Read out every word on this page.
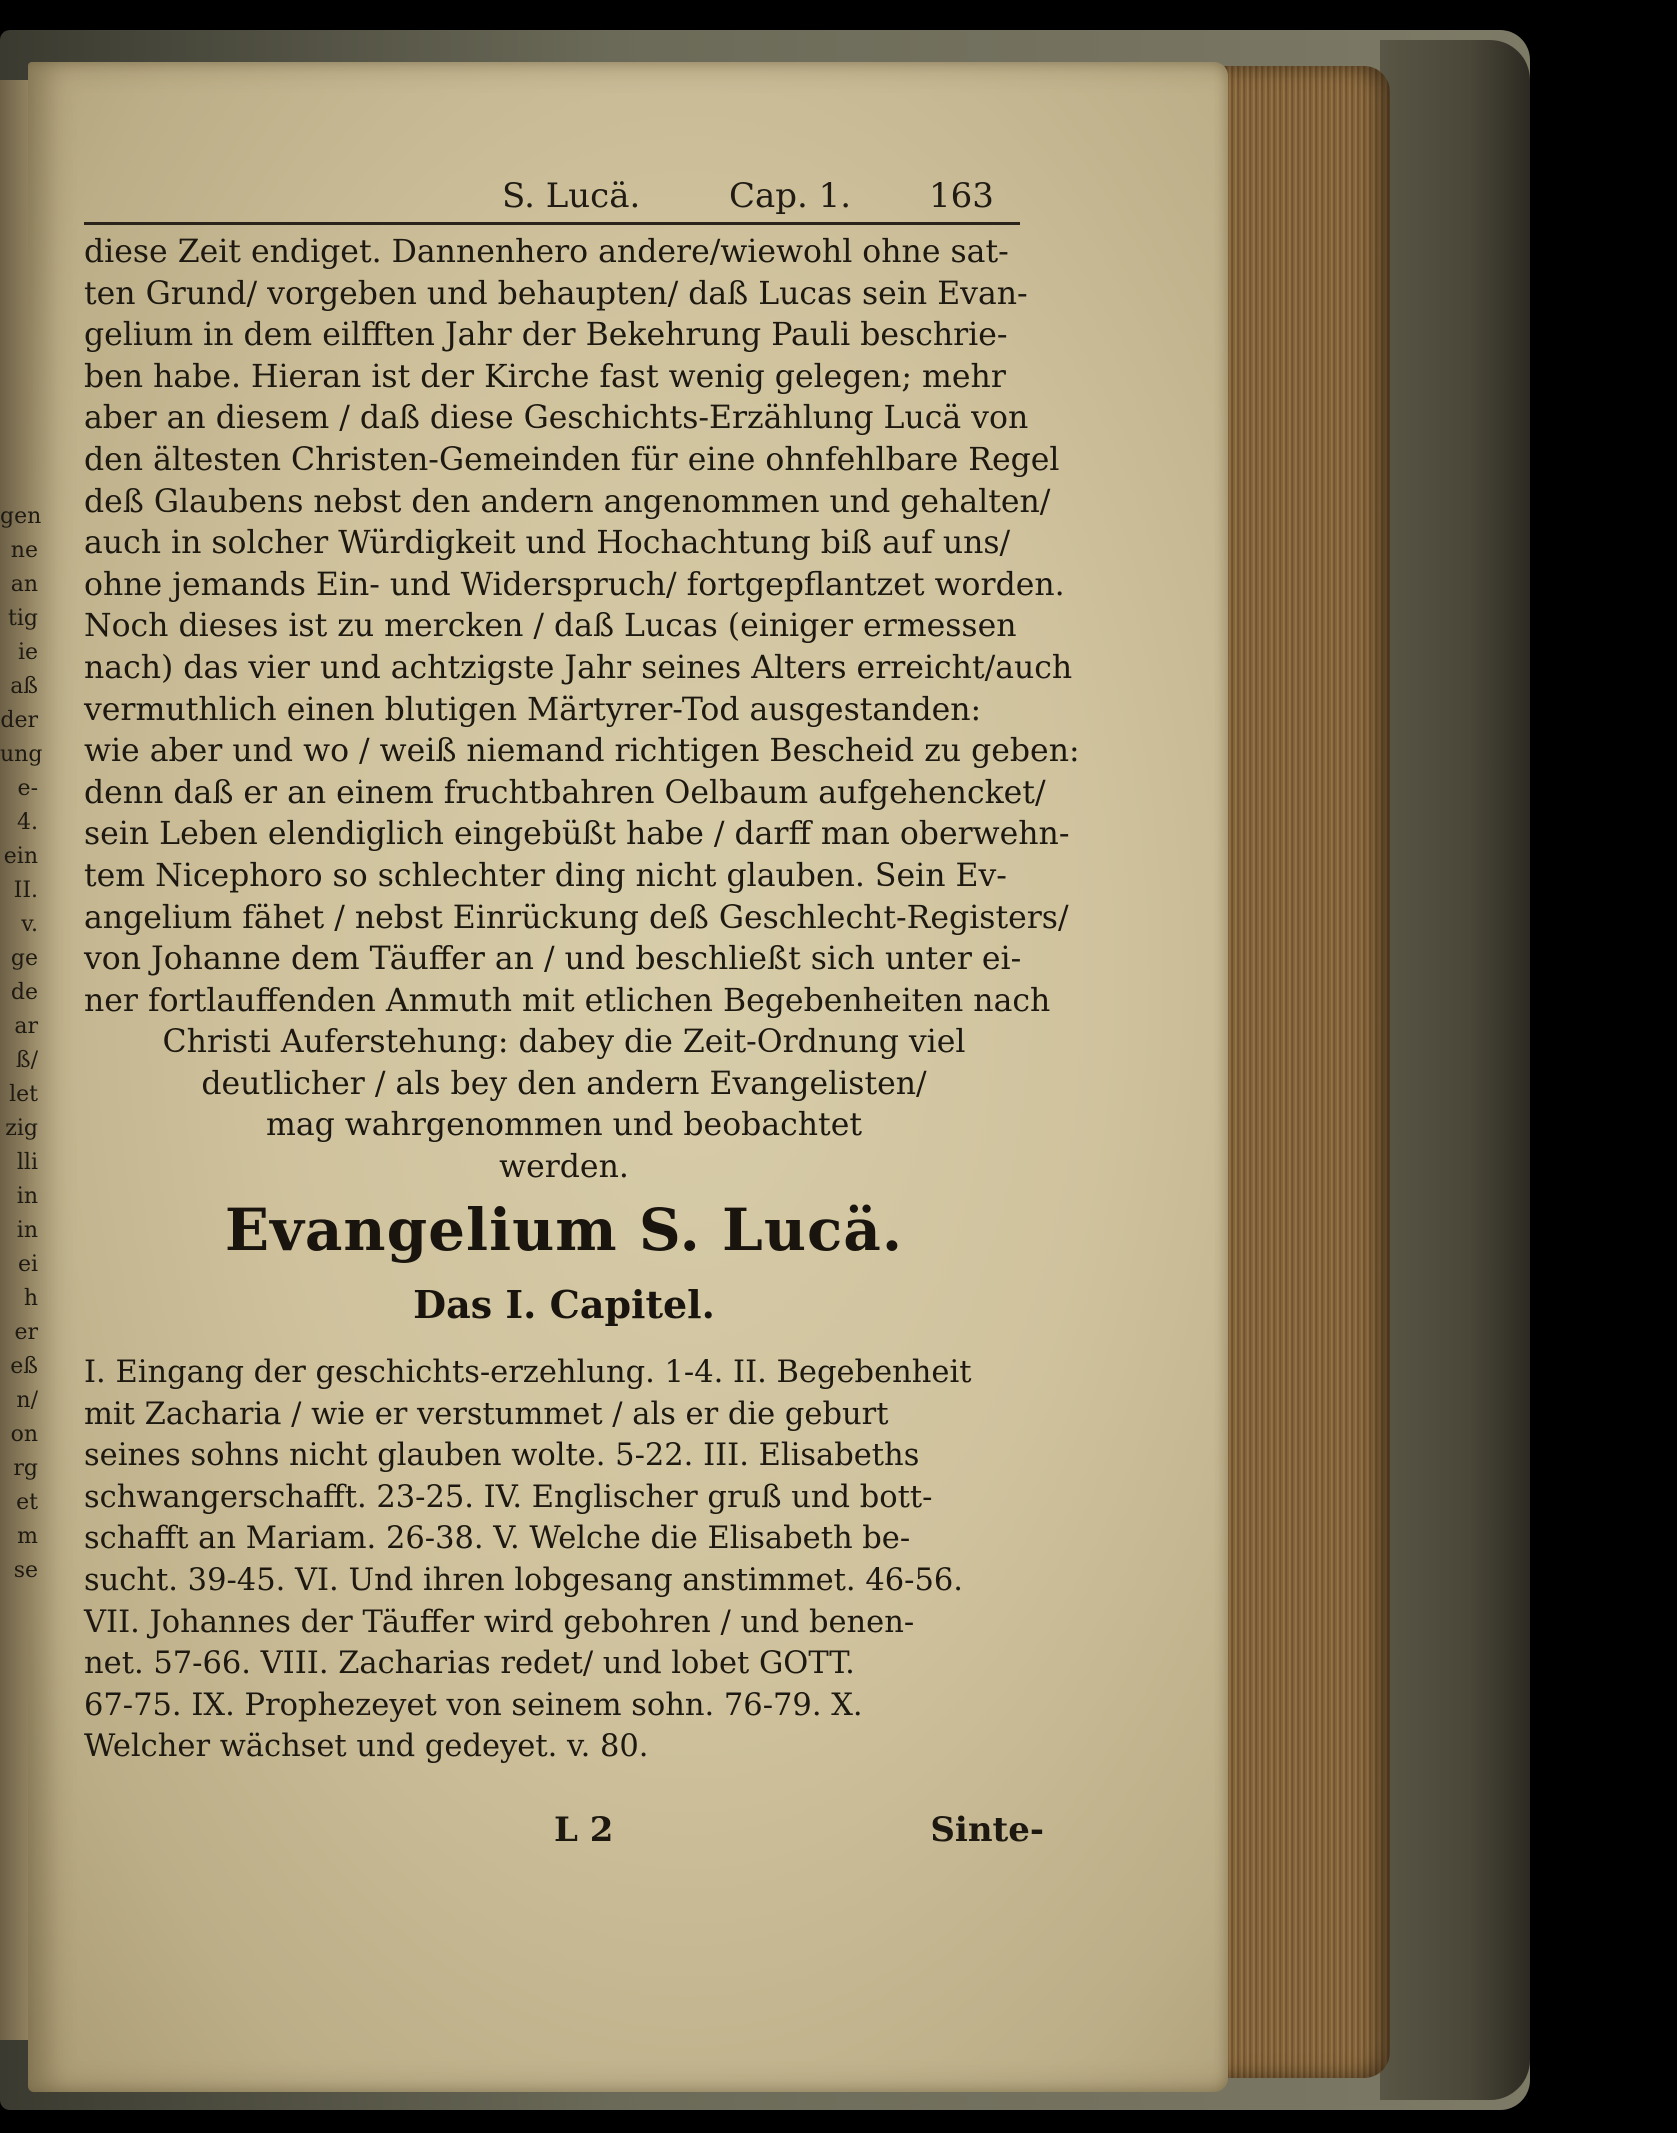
gen
ne
an
tig
ie
aß
der
ung
e-
4.
ein
II.
v.
ge
de
ar
ß/
let
zig
lli
in
in
ei
h
er
eß
n/
on
rg
et
m
se
S. Lucä.	Cap. 1. 163
diese Zeit endiget. Dannenhero andere/wiewohl ohne sat-
ten Grund/ vorgeben und behaupten/ daß Lucas sein Evan-
gelium in dem eilfften Jahr der Bekehrung Pauli beschrie-
ben habe. Hieran ist der Kirche fast wenig gelegen; mehr
aber an diesem / daß diese Geschichts-Erzählung Lucä von
den ältesten Christen-Gemeinden für eine ohnfehlbare Regel
deß Glaubens nebst den andern angenommen und gehalten/
auch in solcher Würdigkeit und Hochachtung biß auf uns/
ohne jemands Ein- und Widerspruch/ fortgepflantzet worden.
Noch dieses ist zu mercken / daß Lucas (einiger ermessen
nach) das vier und achtzigste Jahr seines Alters erreicht/auch
vermuthlich einen blutigen Märtyrer-Tod ausgestanden:
wie aber und wo / weiß niemand richtigen Bescheid zu geben:
denn daß er an einem fruchtbahren Oelbaum aufgehencket/
sein Leben elendiglich eingebüßt habe / darff man oberwehn-
tem Nicephoro so schlechter ding nicht glauben. Sein Ev-
angelium fähet / nebst Einrückung deß Geschlecht-Registers/
von Johanne dem Täuffer an / und beschließt sich unter ei-
ner fortlauffenden Anmuth mit etlichen Begebenheiten nach
Christi Auferstehung: dabey die Zeit-Ordnung viel
deutlicher / als bey den andern Evangelisten/
mag wahrgenommen und beobachtet
werden.
Evangelium S. Lucä.
Das I. Capitel.
I. Eingang der geschichts-erzehlung. 1-4. II. Begebenheit
mit Zacharia / wie er verstummet / als er die geburt
seines sohns nicht glauben wolte. 5-22. III. Elisabeths
schwangerschafft. 23-25. IV. Englischer gruß und bott-
schafft an Mariam. 26-38. V. Welche die Elisabeth be-
sucht. 39-45. VI. Und ihren lobgesang anstimmet. 46-56.
VII. Johannes der Täuffer wird gebohren / und benen-
net. 57-66. VIII. Zacharias redet/ und lobet GOTT.
67-75. IX. Prophezeyet von seinem sohn. 76-79. X.
Welcher wächset und gedeyet. v. 80.
L 2	Sinte-
